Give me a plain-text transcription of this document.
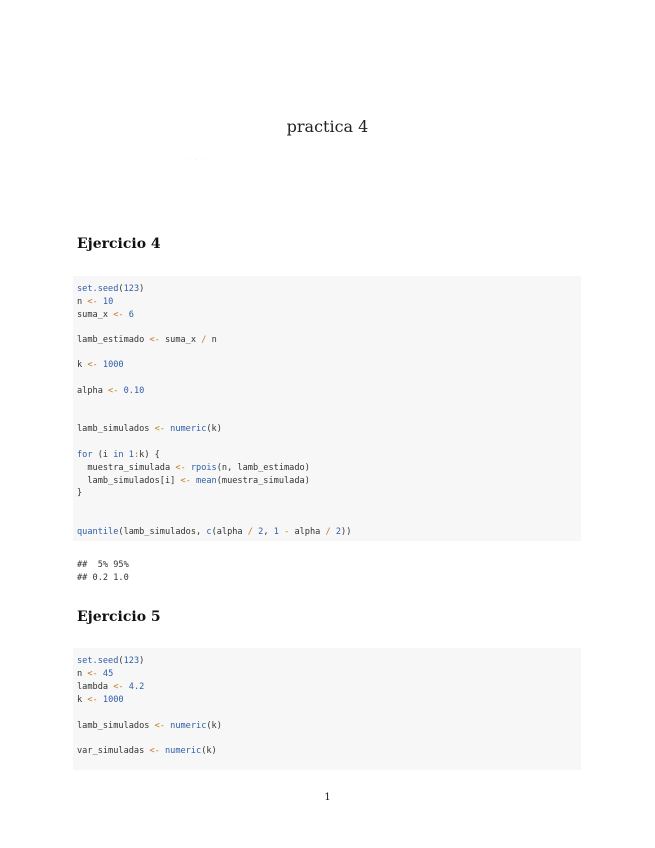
practica 4
· · ·
Ejercicio 4
set.seed(123)
n <- 10
suma_x <- 6
lamb_estimado <- suma_x / n
k <- 1000
alpha <- 0.10
lamb_simulados <- numeric(k)
for (i in 1:k) {
muestra_simulada <- rpois(n, lamb_estimado)
lamb_simulados[i] <- mean(muestra_simulada)
}
quantile(lamb_simulados, c(alpha / 2, 1 - alpha / 2))
##  5% 95%
## 0.2 1.0
Ejercicio 5
set.seed(123)
n <- 45
lambda <- 4.2
k <- 1000
lamb_simulados <- numeric(k)
var_simuladas <- numeric(k)
1
